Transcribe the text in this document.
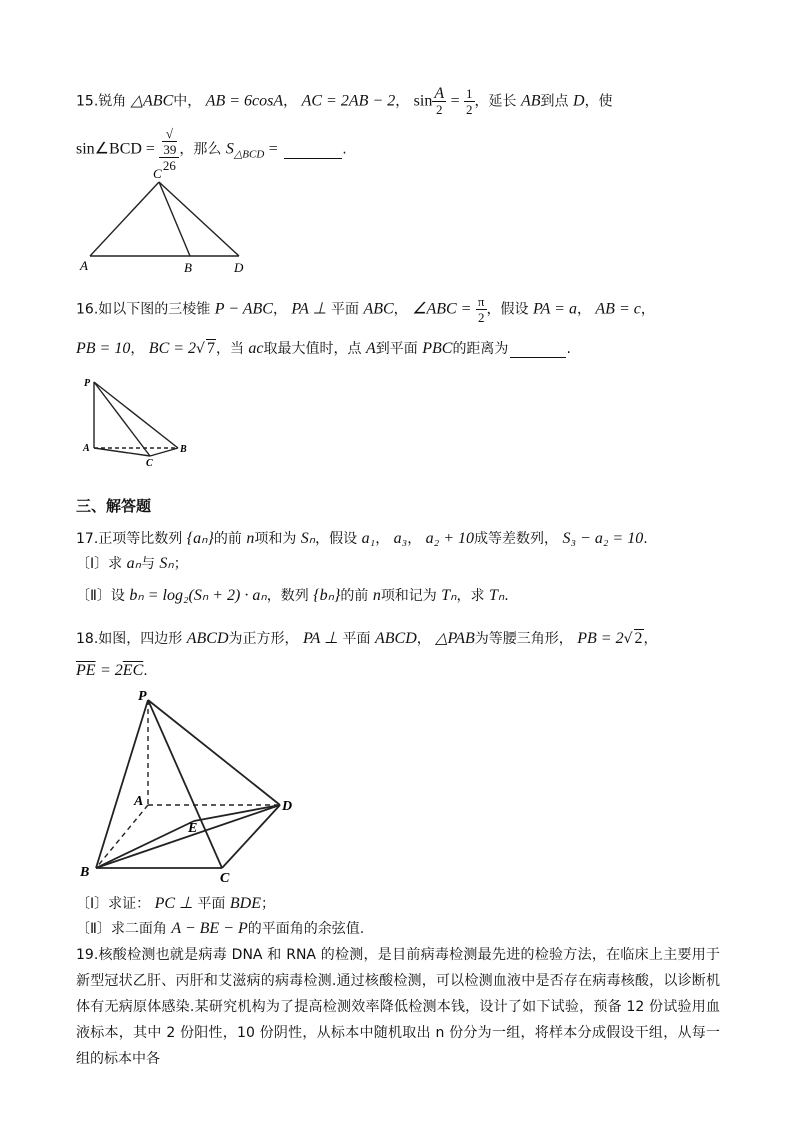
15.锐角 △ABC中， AB = 6cosA， AC = 2AB − 2， $\sin \frac{A}{2} = \frac{1}{2}$ ，延长 AB到点 D，使
sin∠BCD = √
39
26 ，那么 $S_{\triangle BCD}$ =	.
C
A	B	D
16.如以下图的三棱锥 P − ABC， PA ⊥ 平面 ABC， ∠ABC = $\frac{\pi}{2}$ ，假设 PA = a， AB = c，
PB = 10， BC = 2√ 7，当 ac取最大值时，点 A到平面 PBC的距离为	.
P
A	B
C
三、解答题
17.正项等比数列 {aₙ}的前 n项和为 Sₙ，假设 a₁， a₃， a₂ + 10成等差数列， S₃ − a₂ = 10.
〔Ⅰ〕求 aₙ与 Sₙ；
〔Ⅱ〕设 bₙ = log₂(Sₙ + 2) · aₙ，数列 {bₙ}的前 n项和记为 Tₙ，求 Tₙ.
18.如图，四边形 ABCD为正方形， PA ⊥ 平面 ABCD， △PAB为等腰三角形， PB = 2√ 2，
$\overline{PE} = 2\overline{EC}$.
P
A	D
E
B	C
〔Ⅰ〕求证： PC ⊥ 平面 BDE；
〔Ⅱ〕求二面角 A − BE − P的平面角的余弦值.
19.核酸检测也就是病毒 DNA 和 RNA 的检测，是目前病毒检测最先进的检验方法，在临床上主要用于新型冠状乙肝、丙肝和艾滋病的病毒检测.通过核酸检测，可以检测血液中是否存在病毒核酸，以诊断机体有无病原体感染.某研究机构为了提高检测效率降低检测本钱，设计了如下试验，预备 12 份试验用血液标本，其中 2 份阳性，10 份阴性，从标本中随机取出 n 份分为一组，将样本分成假设干组，从每一组的标本中各
